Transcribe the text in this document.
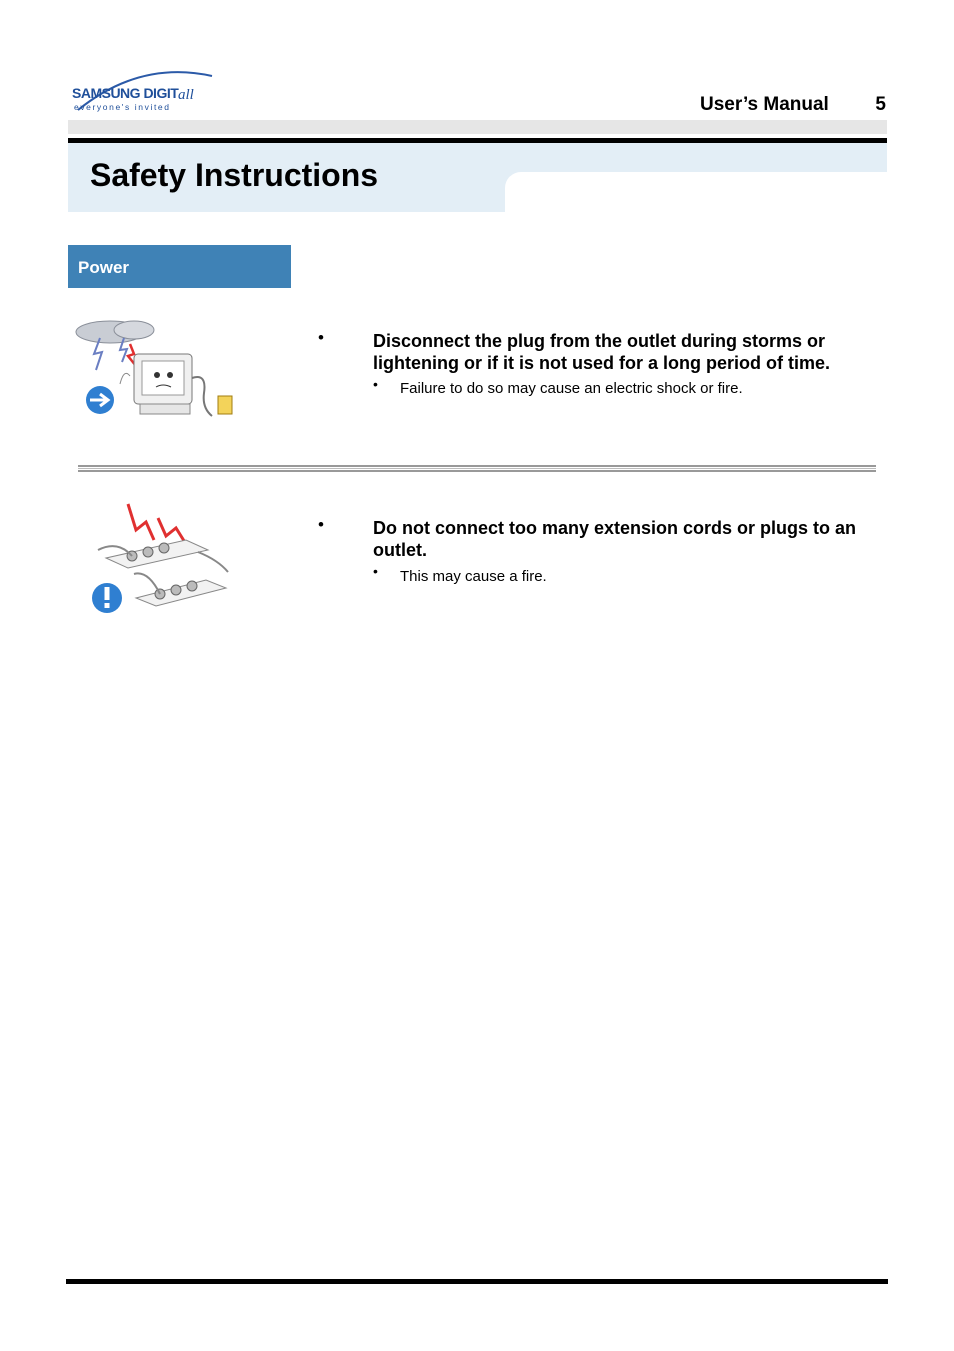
SAMSUNG DIGIT all
everyone's invited	User’s Manual 5
Safety Instructions
Power
•	Disconnect the plug from the outlet during storms or lightening or if it is not used for a long period of time.
• Failure to do so may cause an electric shock or fire.
•	Do not connect too many extension cords or plugs to an outlet.
• This may cause a fire.
